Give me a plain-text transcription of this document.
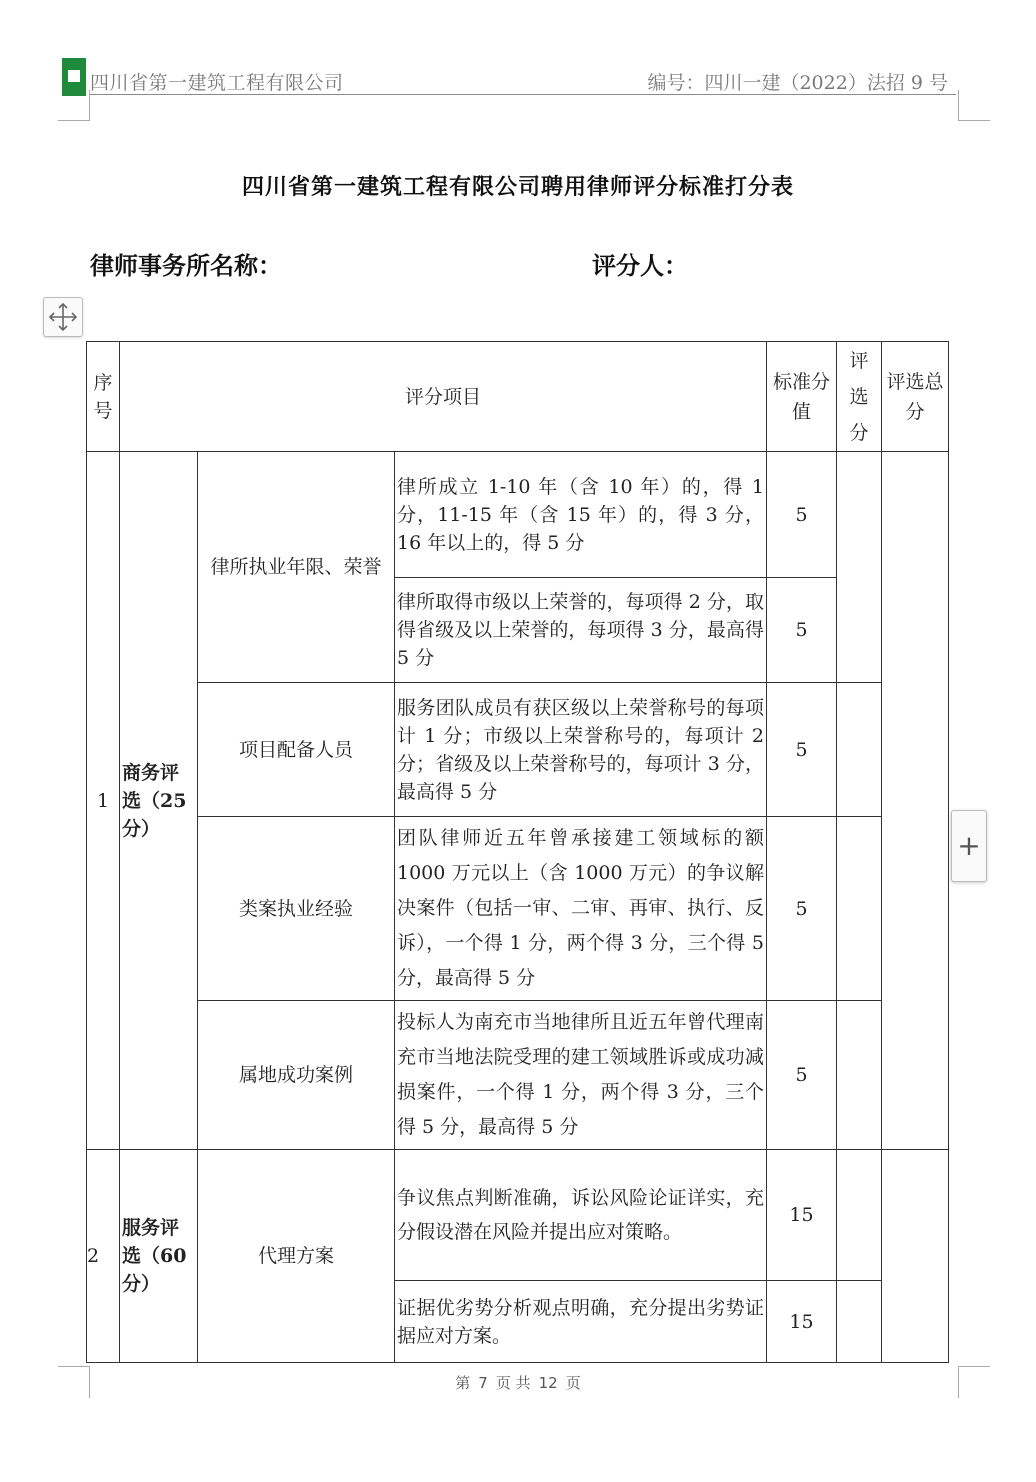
四川省第一建筑工程有限公司	编号：四川一建（2022）法招 9 号
四川省第一建筑工程有限公司聘用律师评分标准打分表
律师事务所名称：	评分人：
序号	评分项目			标准分值	评选分	评选总分
1	商务评选（25分）	律所执业年限、荣誉	律所成立 1-10 年（含 10 年）的，得 1 分，11-15 年（含 15 年）的，得 3 分，16 年以上的，得 5 分	5		
			律所取得市级以上荣誉的，每项得 2 分，取得省级及以上荣誉的，每项得 3 分，最高得 5 分	5		
		项目配备人员	服务团队成员有获区级以上荣誉称号的每项计 1 分；市级以上荣誉称号的，每项计 2 分；省级及以上荣誉称号的，每项计 3 分，最高得 5 分	5		
		类案执业经验	团队律师近五年曾承接建工领域标的额 1000 万元以上（含 1000 万元）的争议解决案件（包括一审、二审、再审、执行、反诉），一个得 1 分，两个得 3 分，三个得 5 分，最高得 5 分	5		
		属地成功案例	投标人为南充市当地律所且近五年曾代理南充市当地法院受理的建工领域胜诉或成功减损案件，一个得 1 分，两个得 3 分，三个得 5 分，最高得 5 分	5		

2	服务评选（60分）	代理方案	争议焦点判断准确，诉讼风险论证详实，充分假设潜在风险并提出应对策略。	15		
			证据优劣势分析观点明确，充分提出劣势证据应对方案。	15		
+
第 7 页 共 12 页
